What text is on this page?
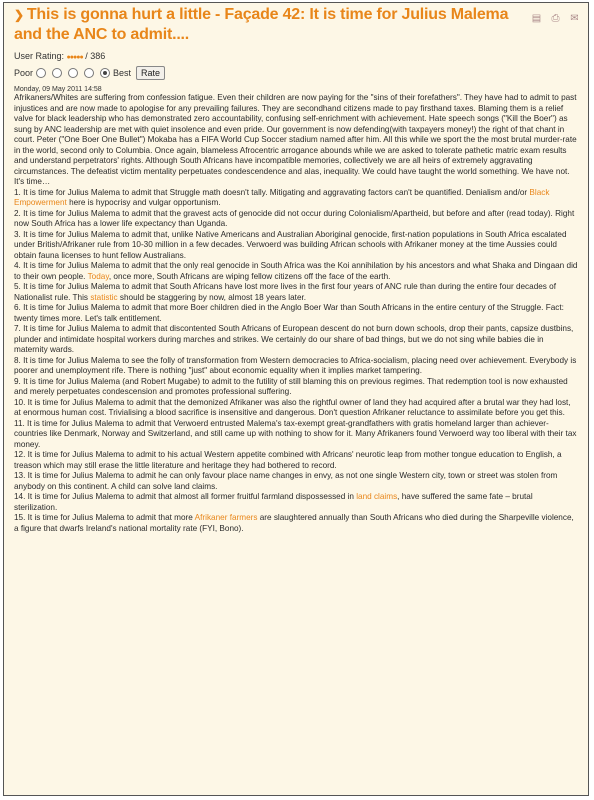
❯ This is gonna hurt a little - Façade 42: It is time for Julius Malema and the ANC to admit....
▤ ⎙ ✉
User Rating: ●●●●● / 386
Poor	Best	Rate
Monday, 09 May 2011 14:58

Afrikaners/Whites are suffering from confession fatigue. Even their children are now paying for the "sins of their forefathers". They have had to admit to past injustices and are now made to apologise for any prevailing failures. They are secondhand citizens made to pay firsthand taxes. Blaming them is a relief valve for black leadership who has demonstrated zero accountability, confusing self-enrichment with achievement. Hate speech songs ("Kill the Boer") as sung by ANC leadership are met with quiet insolence and even pride. Our government is now defending(with taxpayers money!) the right of that chant in court. Peter ("One Boer One Bullet") Mokaba has a FIFA World Cup Soccer stadium named after him. All this while we sport the the most brutal murder-rate in the world, second only to Columbia. Once again, blameless Afrocentric arrogance abounds while we are asked to tolerate pathetic matric exam results and understand perpetrators' rights. Although South Africans have incompatible memories, collectively we are all heirs of extremely aggravating circumstances. The defeatist victim mentality perpetuates condescendence and alas, inequality. We could have taught the world something. We have not.

It's time…

1. It is time for Julius Malema to admit that Struggle math doesn't tally. Mitigating and aggravating factors can't be quantified. Denialism and/or Black Empowerment here is hypocrisy and vulgar opportunism.

2. It is time for Julius Malema to admit that the gravest acts of genocide did not occur during Colonialism/Apartheid, but before and after (read today). Right now South Africa has a lower life expectancy than Uganda.

3. It is time for Julius Malema to admit that, unlike Native Americans and Australian Aboriginal genocide, first-nation populations in South Africa escalated under British/Afrikaner rule from 10-30 million in a few decades. Verwoerd was building African schools with Afrikaner money at the time Aussies could obtain fauna licenses to hunt fellow Australians.

4. It is time for Julius Malema to admit that the only real genocide in South Africa was the Koi annihilation by his ancestors and what Shaka and Dingaan did to their own people. Today, once more, South Africans are wiping fellow citizens off the face of the earth.

5. It is time for Julius Malema to admit that South Africans have lost more lives in the first four years of ANC rule than during the entire four decades of Nationalist rule. This statistic should be staggering by now, almost 18 years later.

6. It is time for Julius Malema to admit that more Boer children died in the Anglo Boer War than South Africans in the entire century of the Struggle. Fact: twenty times more. Let's talk entitlement.

7. It is time for Julius Malema to admit that discontented South Africans of European descent do not burn down schools, drop their pants, capsize dustbins, plunder and intimidate hospital workers during marches and strikes. We certainly do our share of bad things, but we do not sing while babies die in maternity wards.

8. It is time for Julius Malema to see the folly of transformation from Western democracies to Africa-socialism, placing need over achievement. Everybody is poorer and unemployment rife. There is nothing "just" about economic equality when it implies market tampering.

9. It is time for Julius Malema (and Robert Mugabe) to admit to the futility of still blaming this on previous regimes. That redemption tool is now exhausted and merely perpetuates condescension and promotes professional suffering.

10. It is time for Julius Malema to admit that the demonized Afrikaner was also the rightful owner of land they had acquired after a brutal war they had lost, at enormous human cost. Trivialising a blood sacrifice is insensitive and dangerous. Don't question Afrikaner reluctance to assimilate before you get this.

11. It is time for Julius Malema to admit that Verwoerd entrusted Malema's tax-exempt great-grandfathers with gratis homeland larger than achiever-countries like Denmark, Norway and Switzerland, and still came up with nothing to show for it. Many Afrikaners found Verwoerd way too liberal with their tax money.

12. It is time for Julius Malema to admit to his actual Western appetite combined with Africans' neurotic leap from mother tongue education to English, a treason which may still erase the little literature and heritage they had bothered to record.

13. It is time for Julius Malema to admit he can only favour place name changes in envy, as not one single Western city, town or street was stolen from anybody on this continent. A child can solve land claims.

14. It is time for Julius Malema to admit that almost all former fruitful farmland dispossessed in land claims, have suffered the same fate – brutal sterilization.

15. It is time for Julius Malema to admit that more Afrikaner farmers are slaughtered annually than South Africans who died during the Sharpeville violence, a figure that dwarfs Ireland's national mortality rate (FYI, Bono).
